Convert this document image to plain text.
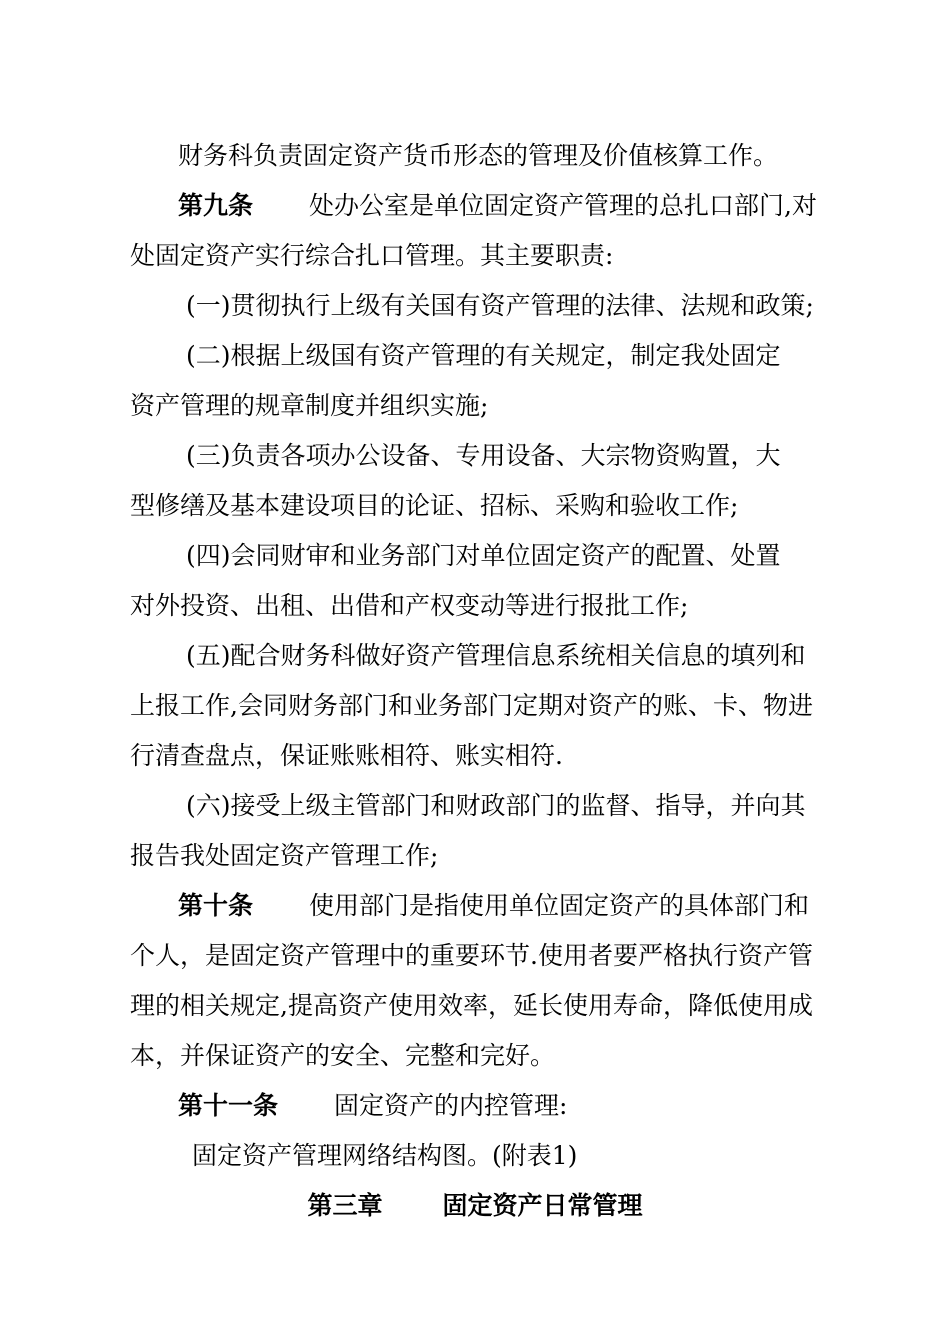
财务科负责固定资产货币形态的管理及价值核算工作。
第九条 处办公室是单位固定资产管理的总扎口部门,对
处固定资产实行综合扎口管理。其主要职责:
(一)贯彻执行上级有关国有资产管理的法律、法规和政策;
(二)根据上级国有资产管理的有关规定，制定我处固定
资产管理的规章制度并组织实施;
(三)负责各项办公设备、专用设备、大宗物资购置，大
型修缮及基本建设项目的论证、招标、采购和验收工作;
(四)会同财审和业务部门对单位固定资产的配置、处置
对外投资、出租、出借和产权变动等进行报批工作;
(五)配合财务科做好资产管理信息系统相关信息的填列和
上报工作,会同财务部门和业务部门定期对资产的账、卡、物进
行清查盘点，保证账账相符、账实相符.
(六)接受上级主管部门和财政部门的监督、指导，并向其
报告我处固定资产管理工作;
第十条 使用部门是指使用单位固定资产的具体部门和
个人，是固定资产管理中的重要环节.使用者要严格执行资产管
理的相关规定,提高资产使用效率，延长使用寿命，降低使用成
本，并保证资产的安全、完整和完好。
第十一条 固定资产的内控管理:
固定资产管理网络结构图。(附表1)
第三章 固定资产日常管理
